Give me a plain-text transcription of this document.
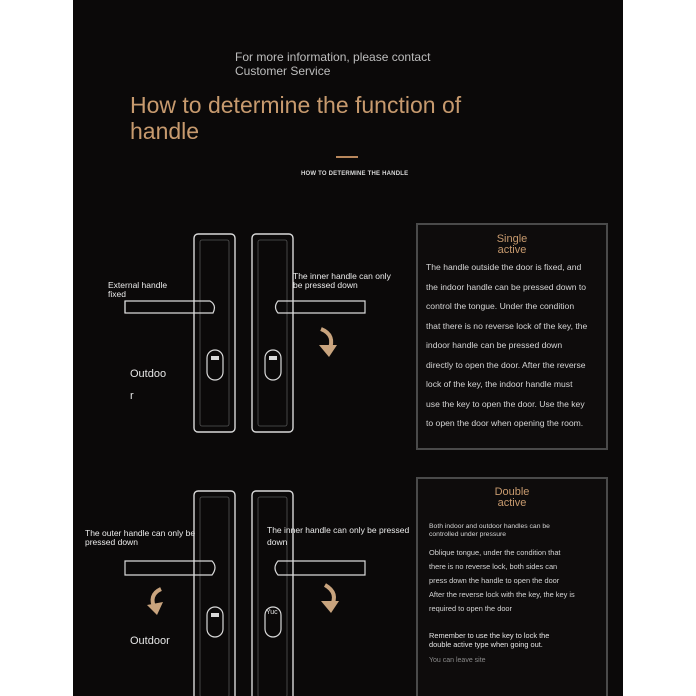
For more information, please contact
Customer Service
How to determine the function of
handle
HOW TO DETERMINE THE HANDLE
External handle
fixed
The inner handle can only
be pressed down
Outdoo
r
Single
active
The handle outside the door is fixed, and
the indoor handle can be pressed down to
control the tongue. Under the condition
that there is no reverse lock of the key, the
indoor handle can be pressed down
directly to open the door. After the reverse
lock of the key, the indoor handle must
use the key to open the door. Use the key
to open the door when opening the room.
Yuc
The outer handle can only be
pressed down
The inner handle can only be pressed
down
Outdoor
Double
active
Both indoor and outdoor handles can be
controlled under pressure
Oblique tongue, under the condition that
there is no reverse lock, both sides can
press down the handle to open the door
After the reverse lock with the key, the key is
required to open the door
Remember to use the key to lock the
double active type when going out.
You can leave site
